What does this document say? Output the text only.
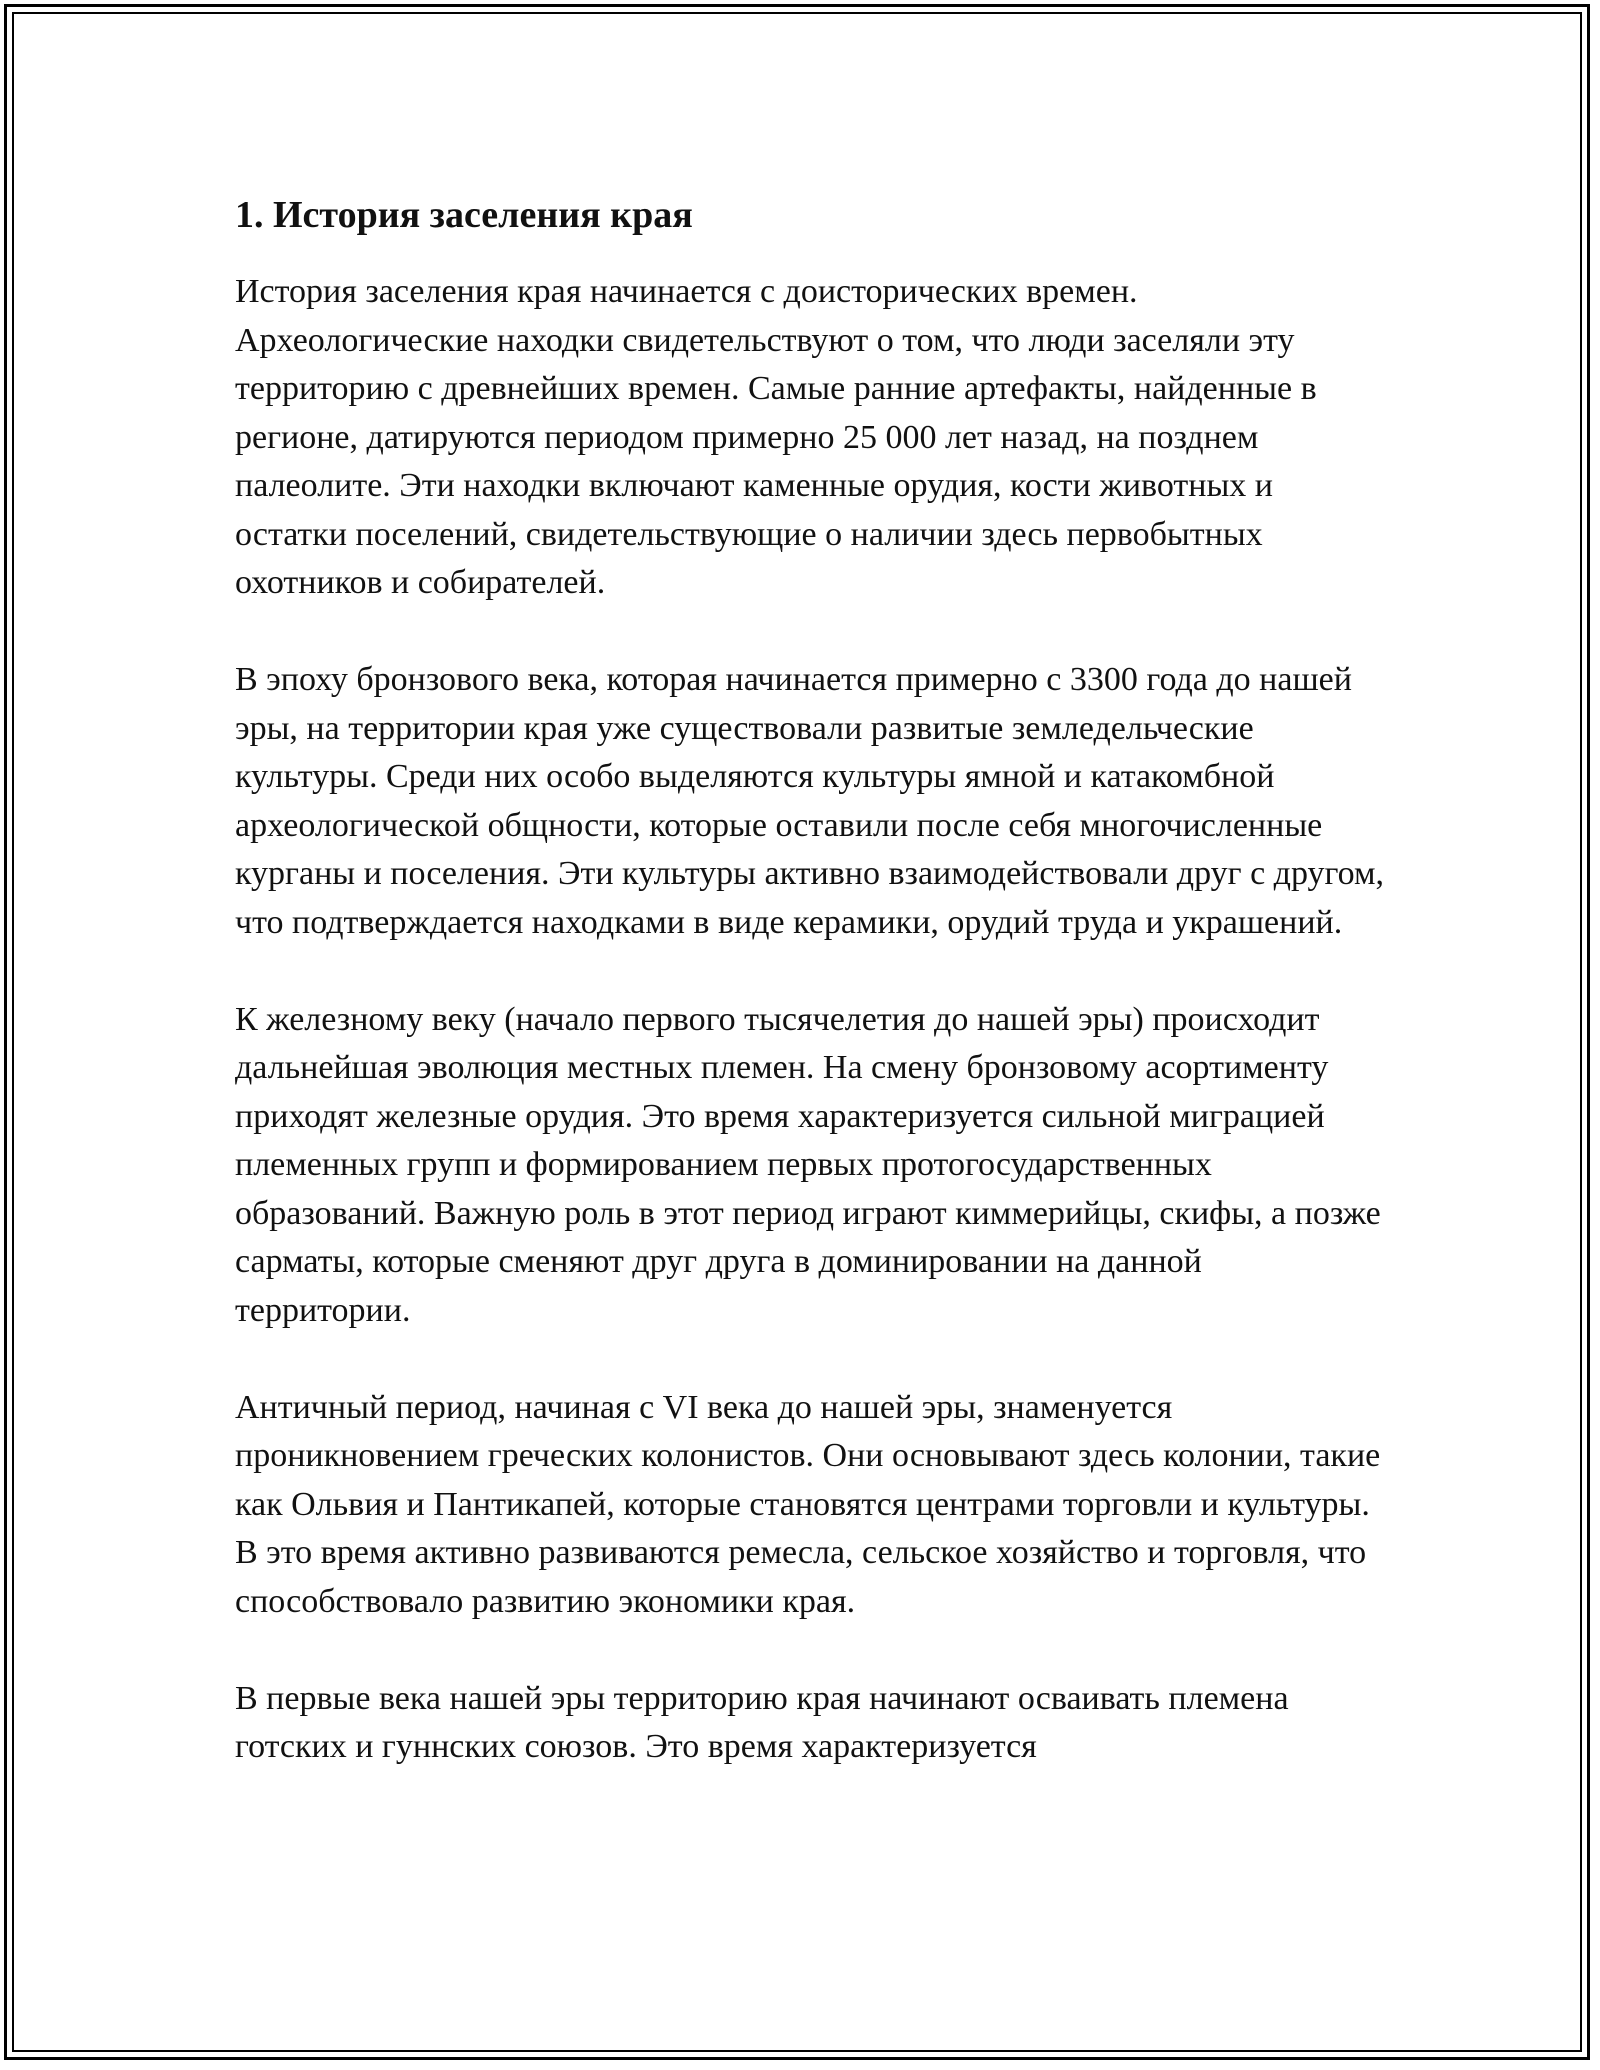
1. История заселения края

История заселения края начинается с доисторических времен. Археологические находки свидетельствуют о том, что люди заселяли эту территорию с древнейших времен. Самые ранние артефакты, найденные в регионе, датируются периодом примерно 25 000 лет назад, на позднем палеолите. Эти находки включают каменные орудия, кости животных и остатки поселений, свидетельствующие о наличии здесь первобытных охотников и собирателей.

В эпоху бронзового века, которая начинается примерно с 3300 года до нашей эры, на территории края уже существовали развитые земледельческие культуры. Среди них особо выделяются культуры ямной и катакомбной археологической общности, которые оставили после себя многочисленные курганы и поселения. Эти культуры активно взаимодействовали друг с другом, что подтверждается находками в виде керамики, орудий труда и украшений.

К железному веку (начало первого тысячелетия до нашей эры) происходит дальнейшая эволюция местных племен. На смену бронзовому асортименту приходят железные орудия. Это время характеризуется сильной миграцией племенных групп и формированием первых протогосударственных образований. Важную роль в этот период играют киммерийцы, скифы, а позже сарматы, которые сменяют друг друга в доминировании на данной территории.

Античный период, начиная с VI века до нашей эры, знаменуется проникновением греческих колонистов. Они основывают здесь колонии, такие как Ольвия и Пантикапей, которые становятся центрами торговли и культуры. В это время активно развиваются ремесла, сельское хозяйство и торговля, что способствовало развитию экономики края.

В первые века нашей эры территорию края начинают осваивать племена готских и гуннских союзов. Это время характеризуется
